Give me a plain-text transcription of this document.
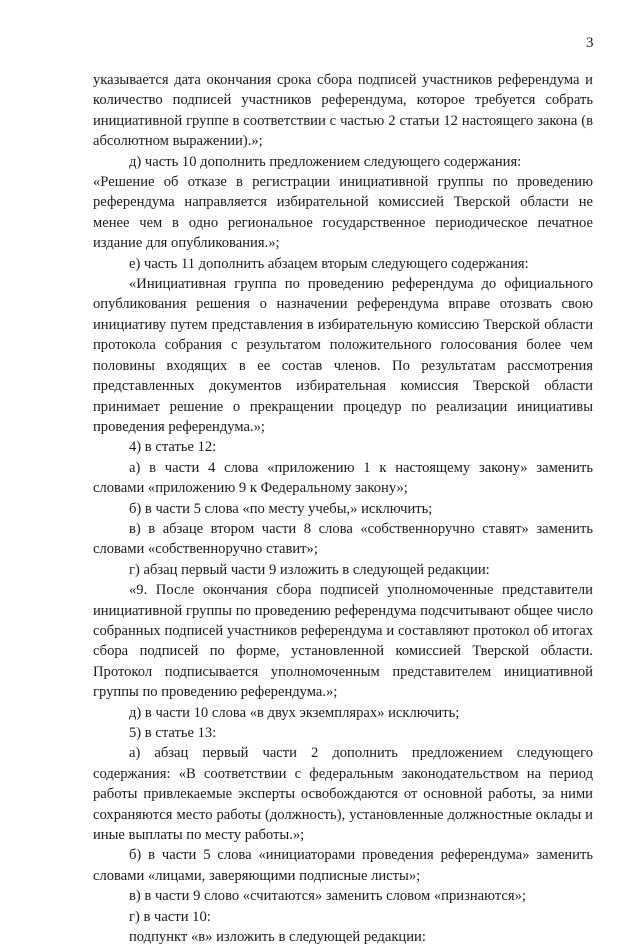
3

указывается дата окончания срока сбора подписей участников референдума и количество подписей участников референдума, которое требуется собрать инициативной группе в соответствии с частью 2 статьи 12 настоящего закона (в абсолютном выражении).»;

д) часть 10 дополнить предложением следующего содержания:

«Решение об отказе в регистрации инициативной группы по проведению референдума направляется избирательной комиссией Тверской области не менее чем в одно региональное государственное периодическое печатное издание для опубликования.»;

е) часть 11 дополнить абзацем вторым следующего содержания:

«Инициативная группа по проведению референдума до официального опубликования решения о назначении референдума вправе отозвать свою инициативу путем представления в избирательную комиссию Тверской области протокола собрания с результатом положительного голосования более чем половины входящих в ее состав членов. По результатам рассмотрения представленных документов избирательная комиссия Тверской области принимает решение о прекращении процедур по реализации инициативы проведения референдума.»;

4) в статье 12:

а) в части 4 слова «приложению 1 к настоящему закону» заменить словами «приложению 9 к Федеральному закону»;

б) в части 5 слова «по месту учебы,» исключить;

в) в абзаце втором части 8 слова «собственноручно ставят» заменить словами «собственноручно ставит»;

г) абзац первый части 9 изложить в следующей редакции:

«9. После окончания сбора подписей уполномоченные представители инициативной группы по проведению референдума подсчитывают общее число собранных подписей участников референдума и составляют протокол об итогах сбора подписей по форме, установленной комиссией Тверской области. Протокол подписывается уполномоченным представителем инициативной группы по проведению референдума.»;

д) в части 10 слова «в двух экземплярах» исключить;

5) в статье 13:

а) абзац первый части 2 дополнить предложением следующего содержания: «В соответствии с федеральным законодательством на период работы привлекаемые эксперты освобождаются от основной работы, за ними сохраняются место работы (должность), установленные должностные оклады и иные выплаты по месту работы.»;

б) в части 5 слова «инициаторами проведения референдума» заменить словами «лицами, заверяющими подписные листы»;

в) в части 9 слово «считаются» заменить словом «признаются»;

г) в части 10:

подпункт «в» изложить в следующей редакции:
